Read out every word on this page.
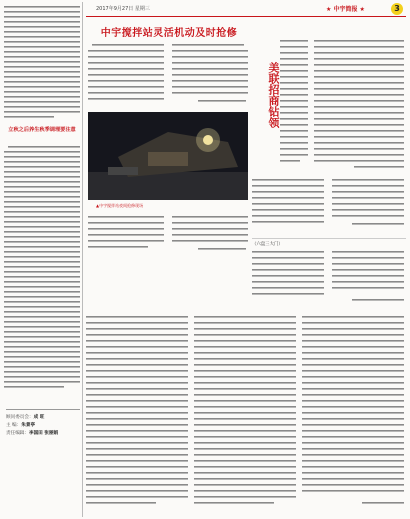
立秋之后养生秋季调理要注意
顾问委员会：成 旺
主 编：朱景亭
责任编辑：李国田 张丽娟
2017年9月27日 星期三	★ 中宇简报 ★	3
中宇搅拌站灵活机动及时抢修
▲中宇搅拌站夜间抢修现场
美联招商钻领
（六盘三大门）
